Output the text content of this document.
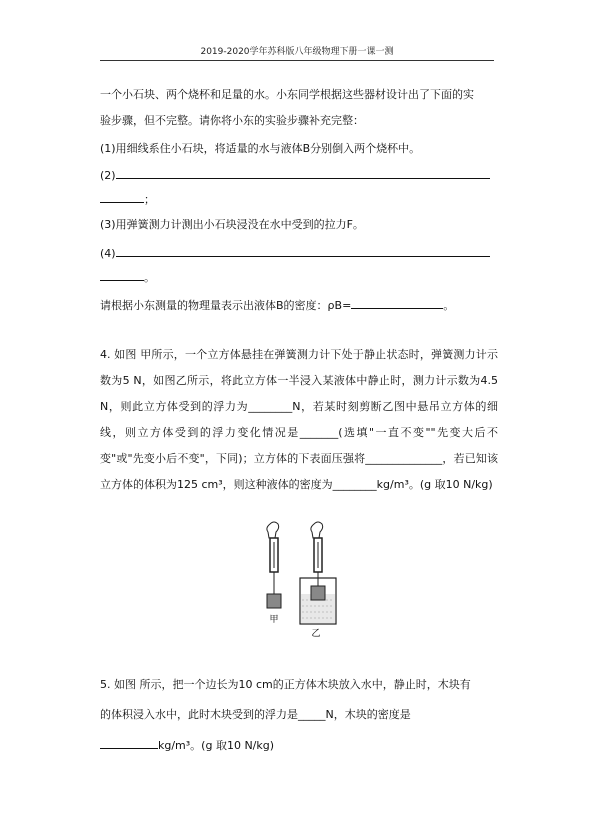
2019-2020学年苏科版八年级物理下册一课一测
一个小石块、两个烧杯和足量的水。小东同学根据这些器材设计出了下面的实
验步骤，但不完整。请你将小东的实验步骤补充完整：
(1)用细线系住小石块，将适量的水与液体B分别倒入两个烧杯中。
(2)
；
(3)用弹簧测力计测出小石块浸没在水中受到的拉力F。
(4)
。
请根据小东测量的物理量表示出液体B的密度：ρB=	。
4. 如图 甲所示，一个立方体悬挂在弹簧测力计下处于静止状态时，弹簧测力计示数为5 N，如图乙所示，将此立方体一半浸入某液体中静止时，测力计示数为4.5 N，则此立方体受到的浮力为________N，若某时刻剪断乙图中悬吊立方体的细线，则立方体受到的浮力变化情况是_______(选填"一直不变""先变大后不变"或"先变小后不变"，下同)；立方体的下表面压强将______________，若已知该立方体的体积为125 cm³，则这种液体的密度为________kg/m³。(g 取10 N/kg)
甲
乙
5. 如图 所示，把一个边长为10 cm的正方体木块放入水中，静止时，木块有
的体积浸入水中，此时木块受到的浮力是_____N，木块的密度是
kg/m³。(g 取10 N/kg)
